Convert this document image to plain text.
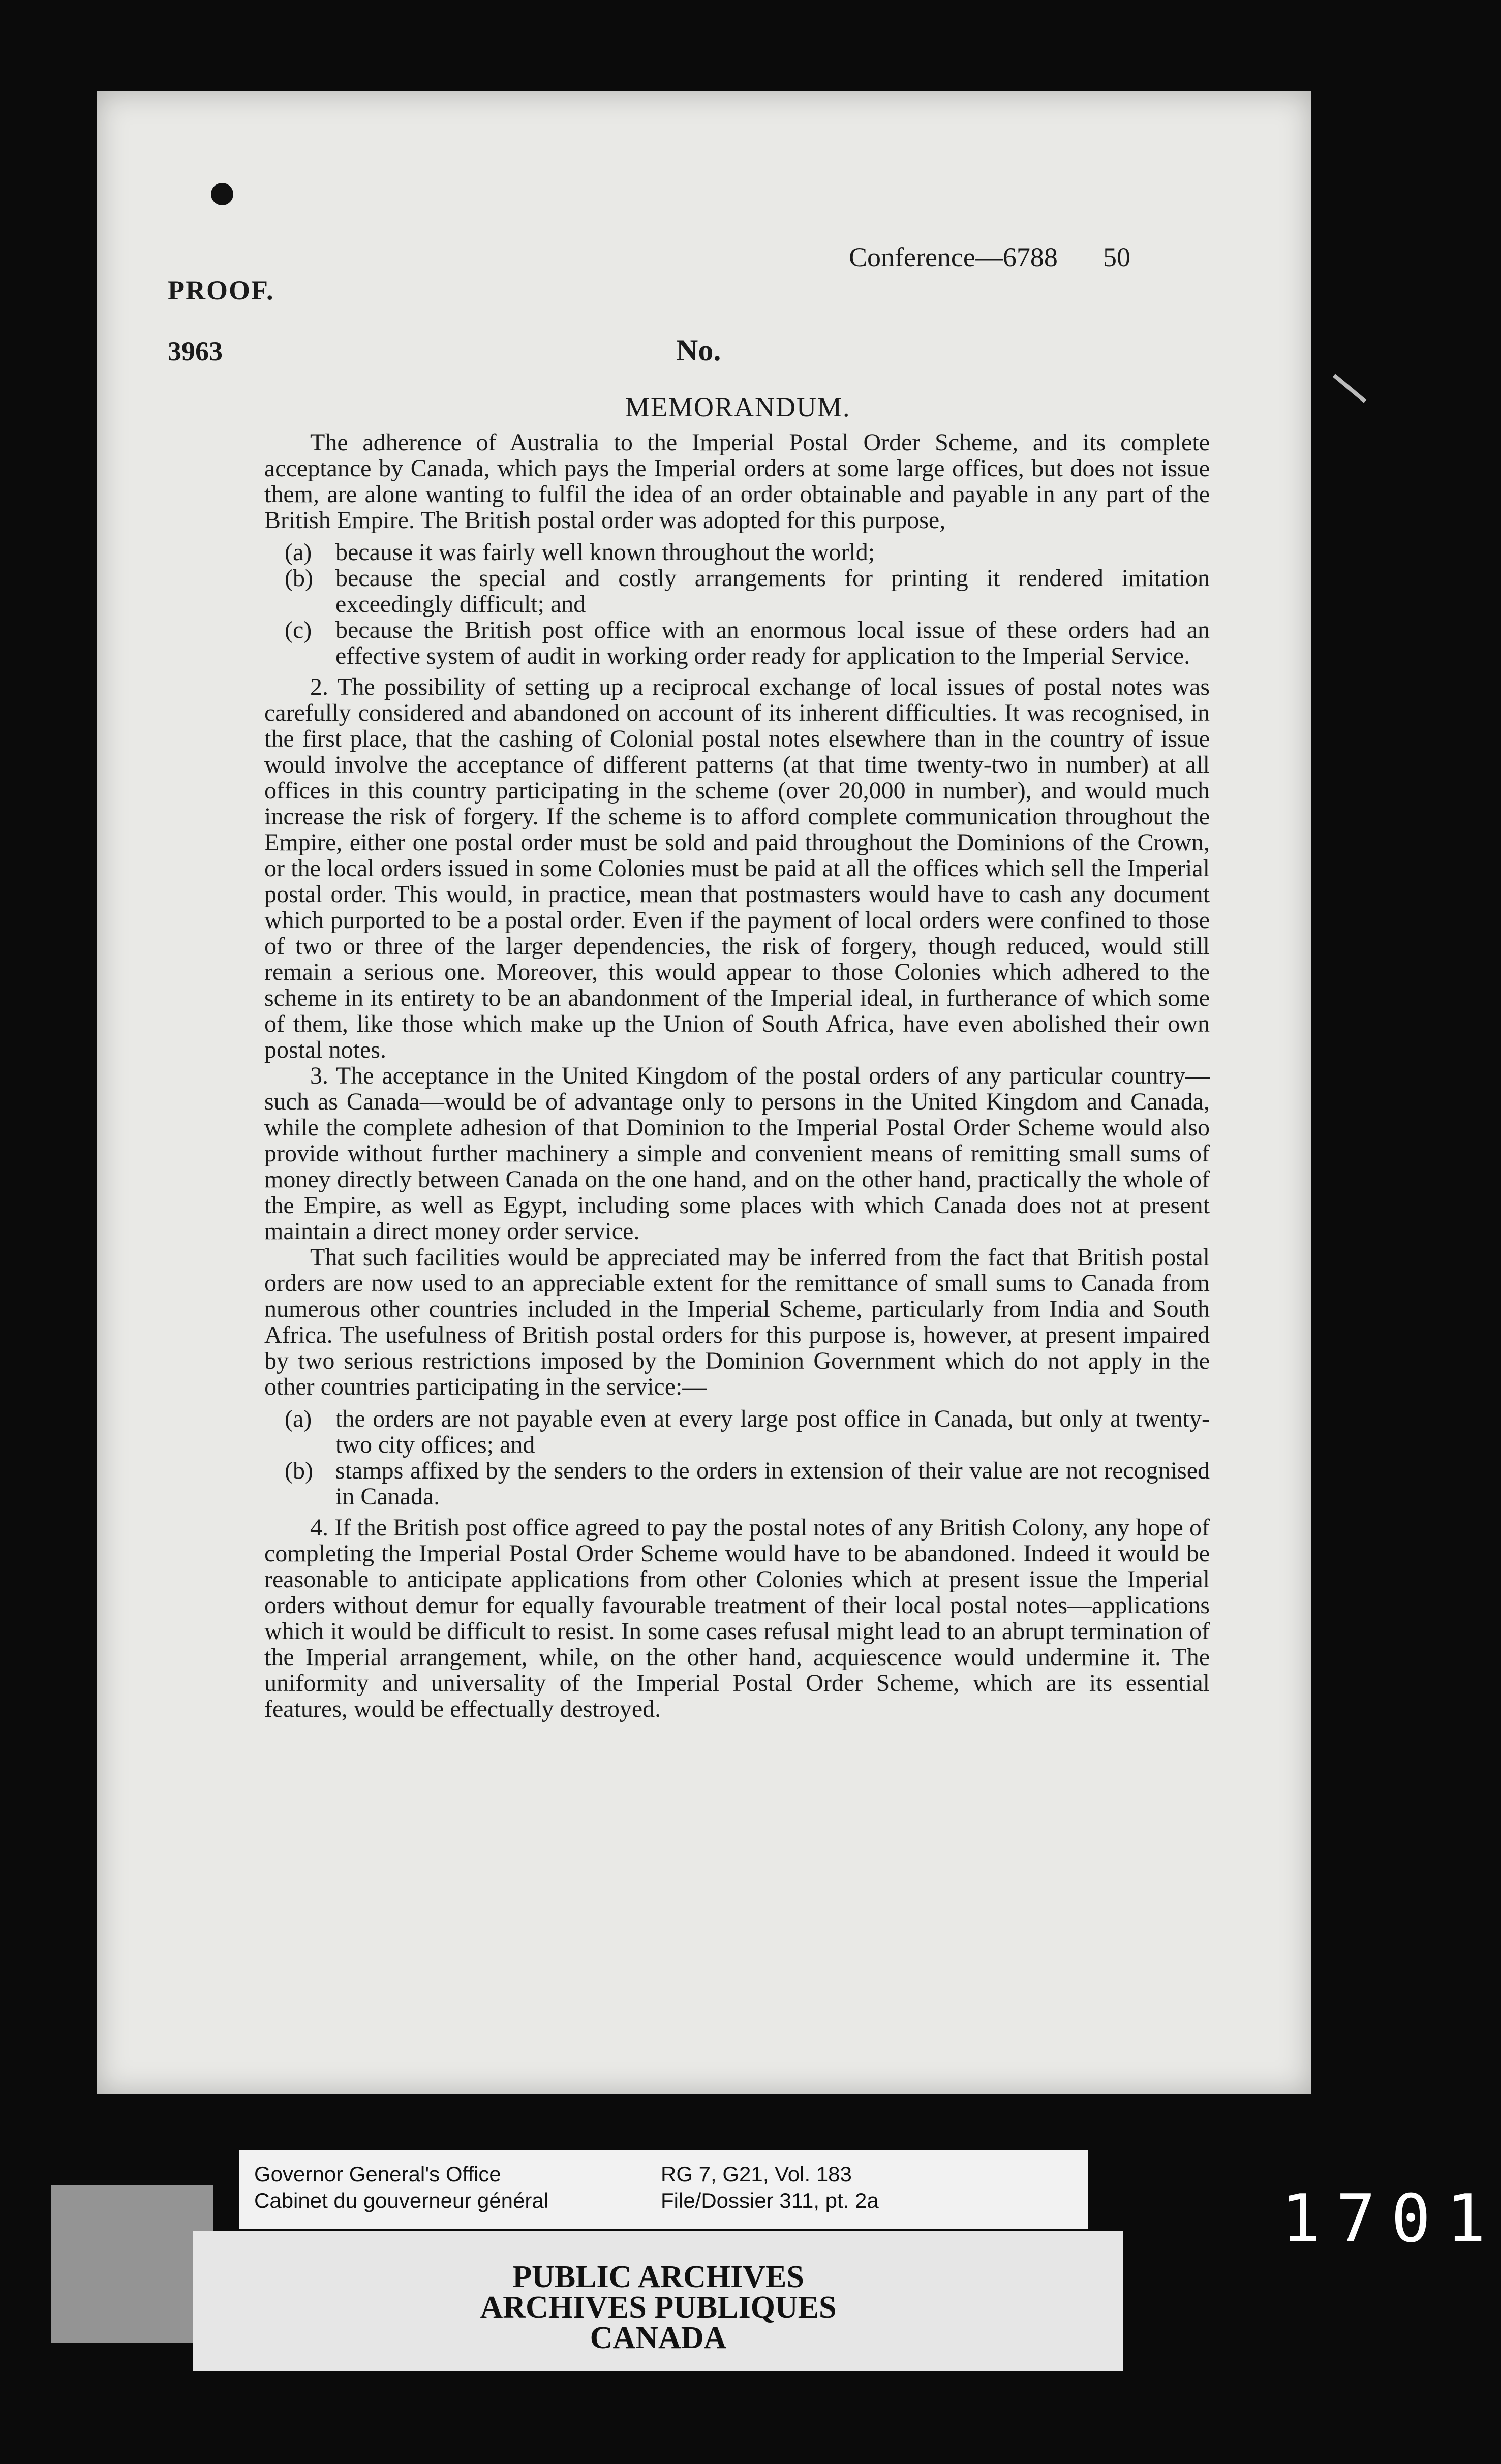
PROOF.
3963	No.
Conference—6788 50
MEMORANDUM.

The adherence of Australia to the Imperial Postal Order Scheme, and its complete acceptance by Canada, which pays the Imperial orders at some large offices, but does not issue them, are alone wanting to fulfil the idea of an order obtainable and payable in any part of the British Empire. The British postal order was adopted for this purpose,

(a) because it was fairly well known throughout the world;
(b) because the special and costly arrangements for printing it rendered imitation exceedingly difficult; and
(c) because the British post office with an enormous local issue of these orders had an effective system of audit in working order ready for application to the Imperial Service.

2. The possibility of setting up a reciprocal exchange of local issues of postal notes was carefully considered and abandoned on account of its inherent difficulties. It was recognised, in the first place, that the cashing of Colonial postal notes elsewhere than in the country of issue would involve the acceptance of different patterns (at that time twenty-two in number) at all offices in this country participating in the scheme (over 20,000 in number), and would much increase the risk of forgery. If the scheme is to afford complete communication throughout the Empire, either one postal order must be sold and paid throughout the Dominions of the Crown, or the local orders issued in some Colonies must be paid at all the offices which sell the Imperial postal order. This would, in practice, mean that postmasters would have to cash any document which purported to be a postal order. Even if the payment of local orders were confined to those of two or three of the larger dependencies, the risk of forgery, though reduced, would still remain a serious one. Moreover, this would appear to those Colonies which adhered to the scheme in its entirety to be an abandonment of the Imperial ideal, in furtherance of which some of them, like those which make up the Union of South Africa, have even abolished their own postal notes.

3. The acceptance in the United Kingdom of the postal orders of any particular country—such as Canada—would be of advantage only to persons in the United Kingdom and Canada, while the complete adhesion of that Dominion to the Imperial Postal Order Scheme would also provide without further machinery a simple and convenient means of remitting small sums of money directly between Canada on the one hand, and on the other hand, practically the whole of the Empire, as well as Egypt, including some places with which Canada does not at present maintain a direct money order service.

That such facilities would be appreciated may be inferred from the fact that British postal orders are now used to an appreciable extent for the remittance of small sums to Canada from numerous other countries included in the Imperial Scheme, particularly from India and South Africa. The usefulness of British postal orders for this purpose is, however, at present impaired by two serious restrictions imposed by the Dominion Government which do not apply in the other countries participating in the service:—

(a) the orders are not payable even at every large post office in Canada, but only at twenty-two city offices; and
(b) stamps affixed by the senders to the orders in extension of their value are not recognised in Canada.

4. If the British post office agreed to pay the postal notes of any British Colony, any hope of completing the Imperial Postal Order Scheme would have to be abandoned. Indeed it would be reasonable to anticipate applications from other Colonies which at present issue the Imperial orders without demur for equally favourable treatment of their local postal notes—applications which it would be difficult to resist. In some cases refusal might lead to an abrupt termination of the Imperial arrangement, while, on the other hand, acquiescence would undermine it. The uniformity and universality of the Imperial Postal Order Scheme, which are its essential features, would be effectually destroyed.

Governor General's Office
Cabinet du gouverneur général
RG 7, G21, Vol. 183
File/Dossier 311, pt. 2a
PUBLIC ARCHIVES
ARCHIVES PUBLIQUES
CANADA
1701
